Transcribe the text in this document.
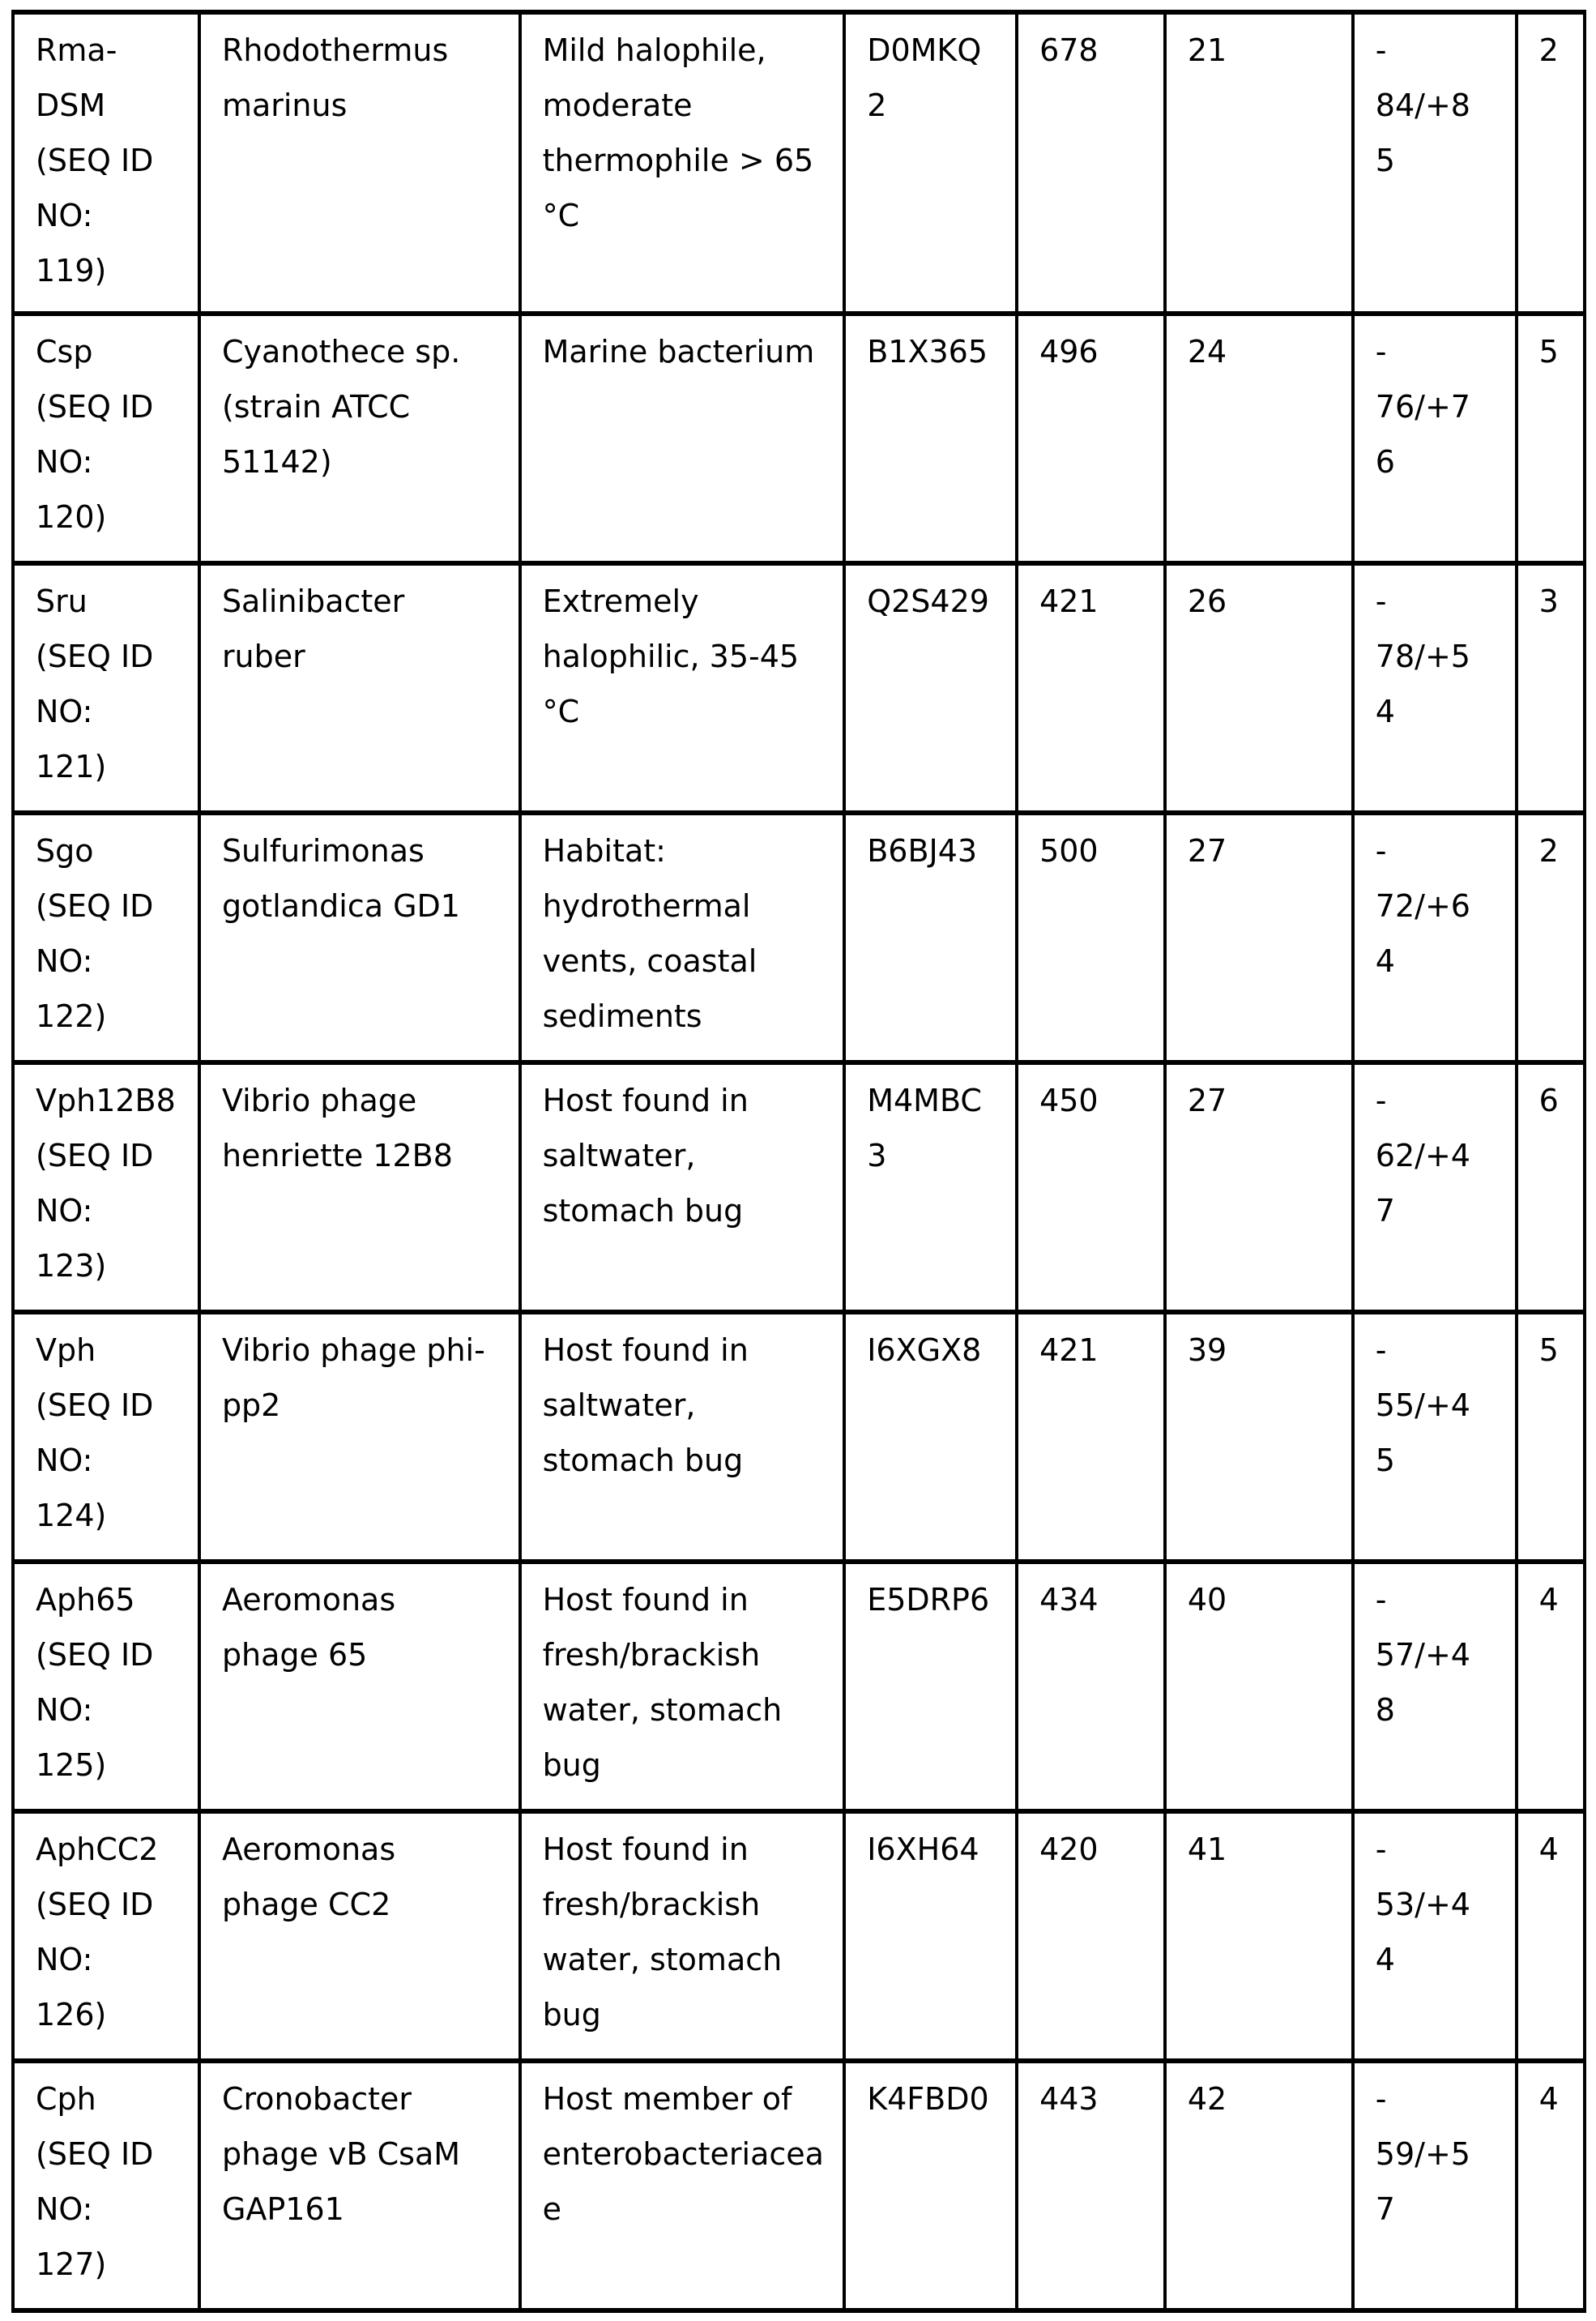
Rma-
DSM
(SEQ ID
NO:
119)	Rhodothermus
marinus	Mild halophile,
moderate
thermophile > 65
°C	D0MKQ
2	678	21	-
84/+8
5	2

Csp
(SEQ ID
NO:
120)	Cyanothece sp.
(strain ATCC
51142)	Marine bacterium	B1X365	496	24	-
76/+7
6	5

Sru
(SEQ ID
NO:
121)	Salinibacter
ruber	Extremely
halophilic, 35-45
°C	Q2S429	421	26	-
78/+5
4	3

Sgo
(SEQ ID
NO:
122)	Sulfurimonas
gotlandica GD1	Habitat:
hydrothermal
vents, coastal
sediments	B6BJ43	500	27	-
72/+6
4	2

Vph12B8
(SEQ ID
NO:
123)	Vibrio phage
henriette 12B8	Host found in
saltwater,
stomach bug	M4MBC
3	450	27	-
62/+4
7	6

Vph
(SEQ ID
NO:
124)	Vibrio phage phi-
pp2	Host found in
saltwater,
stomach bug	I6XGX8	421	39	-
55/+4
5	5

Aph65
(SEQ ID
NO:
125)	Aeromonas
phage 65	Host found in
fresh/brackish
water, stomach
bug	E5DRP6	434	40	-
57/+4
8	4

AphCC2
(SEQ ID
NO:
126)	Aeromonas
phage CC2	Host found in
fresh/brackish
water, stomach
bug	I6XH64	420	41	-
53/+4
4	4

Cph
(SEQ ID
NO:
127)	Cronobacter
phage vB CsaM
GAP161	Host member of
enterobacteriacea
e	K4FBD0	443	42	-
59/+5
7	4
